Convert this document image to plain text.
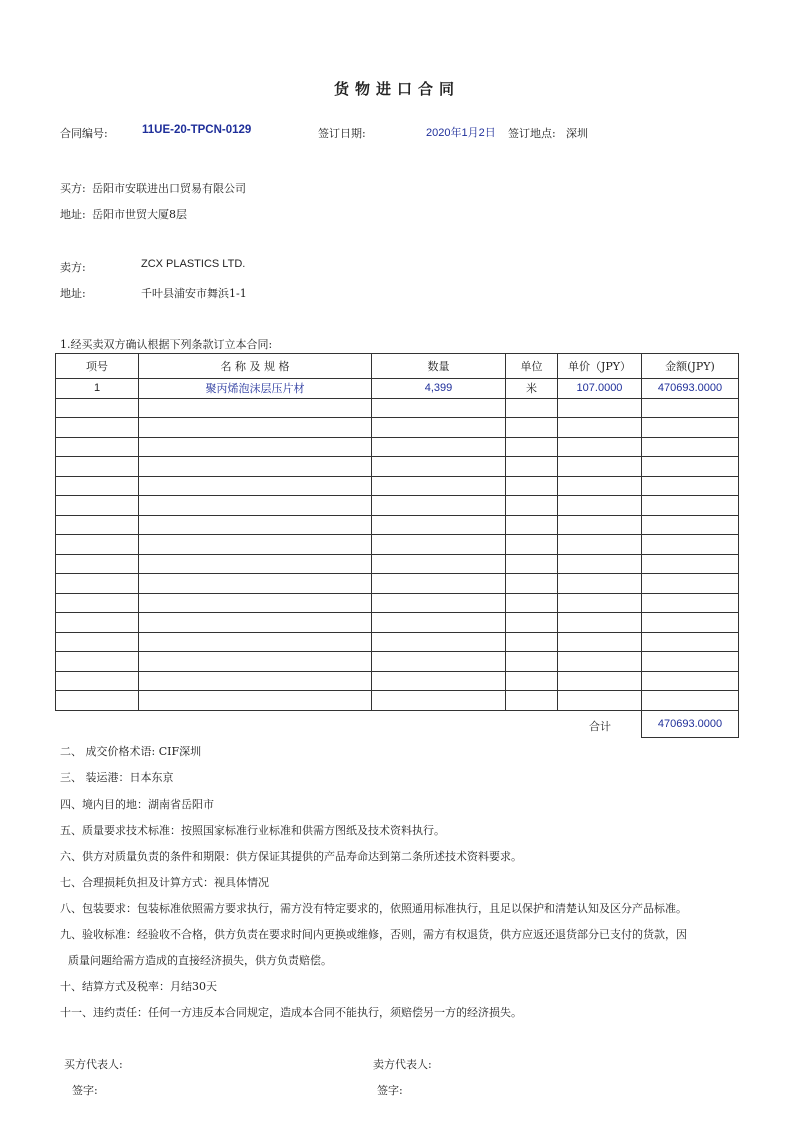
货物进口合同
合同编号:	11UE-20-TPCN-0129	签订日期:	2020年1月2日 签订地点: 深圳
买方: 岳阳市安联进出口贸易有限公司
地址: 岳阳市世贸大厦8层
卖方:	ZCX PLASTICS LTD.
地址:	千叶县浦安市舞浜1-1
1.经买卖双方确认根据下列条款订立本合同:
项号	名 称 及 规 格	数量	单位	单价（JPY）	金额(JPY)
1	聚丙烯泡沫层压片材	4,399	米	107.0000	470693.0000

合计	470693.0000
二、 成交价格术语: CIF深圳
三、 装运港：日本东京
四、境内目的地：湖南省岳阳市
五、质量要求技术标准：按照国家标准行业标准和供需方图纸及技术资料执行。
六、供方对质量负责的条件和期限：供方保证其提供的产品寿命达到第二条所述技术资料要求。
七、合理损耗负担及计算方式：视具体情况
八、包装要求：包装标准依照需方要求执行，需方没有特定要求的，依照通用标准执行，且足以保护和清楚认知及区分产品标准。
九、验收标准：经验收不合格，供方负责在要求时间内更换或维修，否则，需方有权退货，供方应返还退货部分已支付的货款，因
质量问题给需方造成的直接经济损失，供方负责赔偿。
十、结算方式及税率：月结30天
十一、违约责任：任何一方违反本合同规定，造成本合同不能执行，须赔偿另一方的经济损失。
买方代表人:	卖方代表人:
签字:	签字:
